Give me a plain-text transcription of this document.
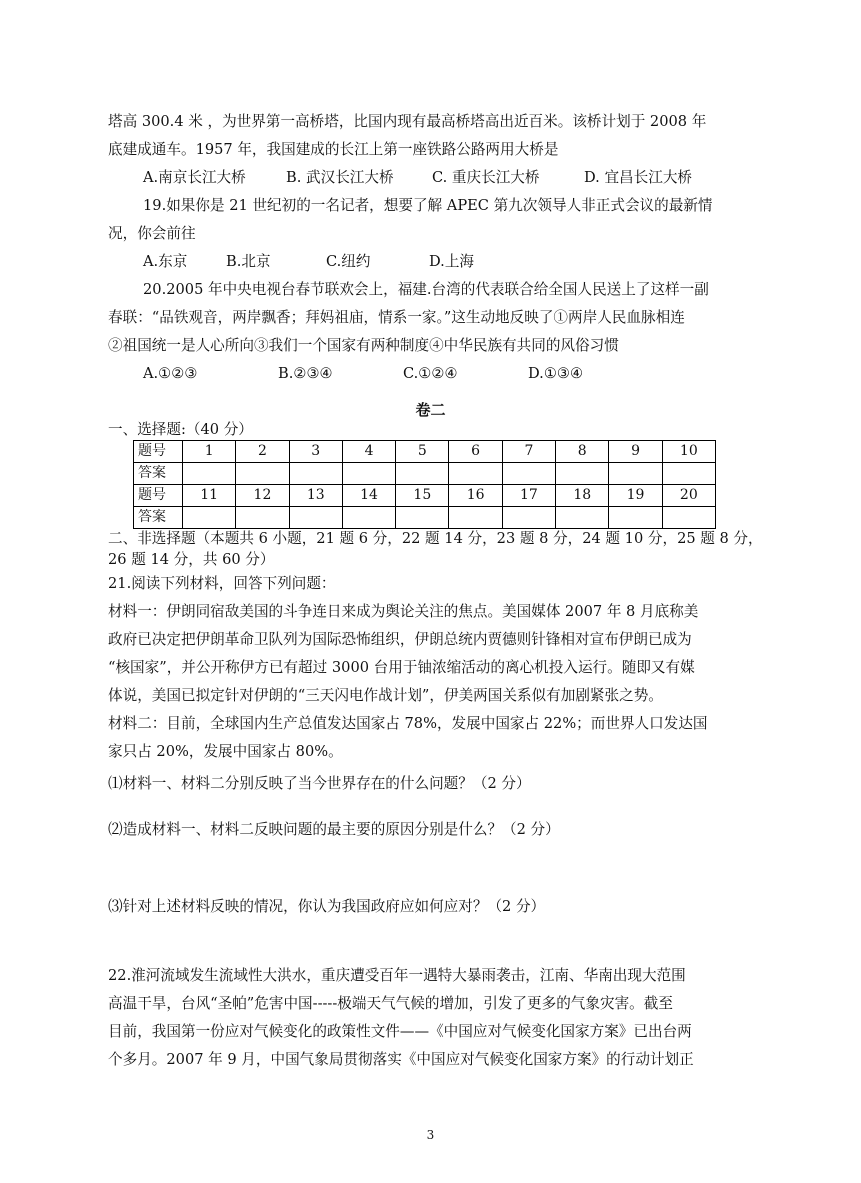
塔高 300.4 米 ，为世界第一高桥塔，比国内现有最高桥塔高出近百米。该桥计划于 2008 年
底建成通车。1957 年，我国建成的长江上第一座铁路公路两用大桥是
A.南京长江大桥	B. 武汉长江大桥	C. 重庆长江大桥	D. 宜昌长江大桥
19.如果你是 21 世纪初的一名记者，想要了解 APEC 第九次领导人非正式会议的最新情
况，你会前往
A.东京	B.北京	C.纽约	D.上海
20.2005 年中央电视台春节联欢会上，福建.台湾的代表联合给全国人民送上了这样一副
春联：“品铁观音，两岸飘香；拜妈祖庙，情系一家。”这生动地反映了①两岸人民血脉相连
②祖国统一是人心所向③我们一个国家有两种制度④中华民族有共同的风俗习惯
A.①②③	B.②③④	C.①②④	D.①③④
卷二
一、选择题:（40 分）
题号	1	2	3	4	5	6	7	8	9	10
答案										
题号	11	12	13	14	15	16	17	18	19	20
答案										
二、非选择题（本题共 6 小题，21 题 6 分，22 题 14 分，23 题 8 分，24 题 10 分，25 题 8 分，
26 题 14 分，共 60 分）
21.阅读下列材料，回答下列问题：
材料一：伊朗同宿敌美国的斗争连日来成为舆论关注的焦点。美国媒体 2007 年 8 月底称美
政府已决定把伊朗革命卫队列为国际恐怖组织，伊朗总统内贾德则针锋相对宣布伊朗已成为
“核国家”，并公开称伊方已有超过 3000 台用于铀浓缩活动的离心机投入运行。随即又有媒
体说，美国已拟定针对伊朗的“三天闪电作战计划”，伊美两国关系似有加剧紧张之势。
材料二：目前，全球国内生产总值发达国家占 78%，发展中国家占 22%；而世界人口发达国
家只占 20%，发展中国家占 80%。
⑴材料一、材料二分别反映了当今世界存在的什么问题？（2 分）
⑵造成材料一、材料二反映问题的最主要的原因分别是什么？（2 分）
⑶针对上述材料反映的情况，你认为我国政府应如何应对？（2 分）
22.淮河流域发生流域性大洪水，重庆遭受百年一遇特大暴雨袭击，江南、华南出现大范围
高温干旱，台风“圣帕”危害中国-----极端天气气候的增加，引发了更多的气象灾害。截至
目前，我国第一份应对气候变化的政策性文件——《中国应对气候变化国家方案》已出台两
个多月。2007 年 9 月，中国气象局贯彻落实《中国应对气候变化国家方案》的行动计划正
3
